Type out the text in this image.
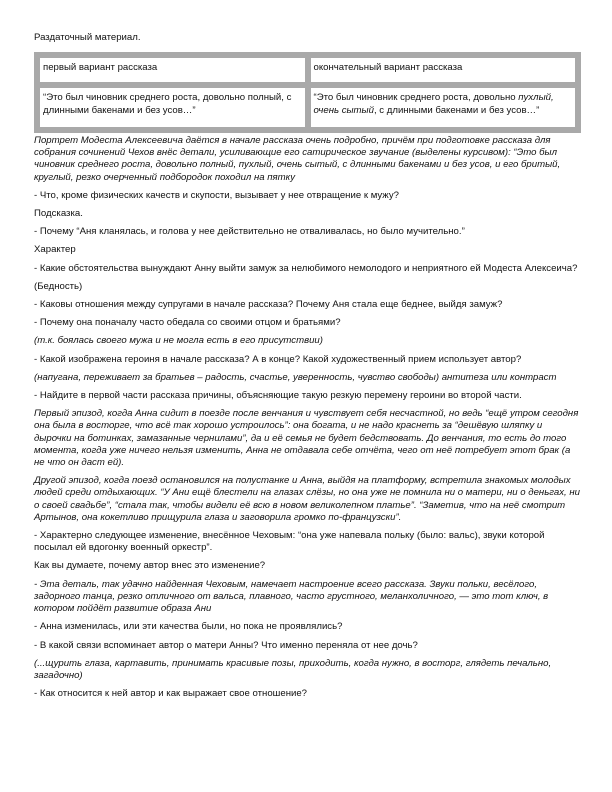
Раздаточный материал.

первый вариант рассказа	окончательный вариант рассказа
“Это был чиновник среднего роста, довольно полный, с длинными бакенами и без усов…”	“Это был чиновник среднего роста, довольно пухлый, очень сытый, с длинными бакенами и без усов…”

Портрет Модеста Алексеевича даётся в начале рассказа очень подробно, причём при подготовке рассказа для собрания сочинений Чехов внёс детали, усиливающие его сатирическое звучание (выделены курсивом): “Это был чиновник среднего роста, довольно полный, пухлый, очень сытый, с длинными бакенами и без усов, и его бритый, круглый, резко очерченный подбородок походил на пятку

- Что, кроме физических качеств и скупости, вызывает у нее отвращение к мужу?

Подсказка.

- Почему “Аня кланялась, и голова у нее действительно не отваливалась, но было мучительно.”

Характер

- Какие обстоятельства вынуждают Анну выйти замуж за нелюбимого немолодого и неприятного ей Модеста Алексеича?

(Бедность)

- Каковы отношения между супругами в начале рассказа? Почему Аня стала еще беднее, выйдя замуж?

- Почему она поначалу часто обедала со своими отцом и братьями?

(т.к. боялась своего мужа и не могла есть в его присутствии)

- Какой изображена героиня в начале рассказа? А в конце? Какой художественный прием использует автор?

(напугана, переживает за братьев – радость, счастье, уверенность, чувство свободы) антитеза или контраст

- Найдите в первой части рассказа причины, объясняющие такую резкую перемену героини во второй части.

Первый эпизод, когда Анна сидит в поезде после венчания и чувствует себя несчастной, но ведь “ещё утром сегодня она была в восторге, что всё так хорошо устроилось”: она богата, и не надо краснеть за “дешёвую шляпку и дырочки на ботинках, замазанные чернилами”, да и её семья не будет бедствовать. До венчания, то есть до того момента, когда уже ничего нельзя изменить, Анна не отдавала себе отчёта, чего от неё потребует этот брак (а не что он даст ей).

Другой эпизод, когда поезд остановился на полустанке и Анна, выйдя на платформу, встретила знакомых молодых людей среди отдыхающих. “У Ани ещё блестели на глазах слёзы, но она уже не помнила ни о матери, ни о деньгах, ни о своей свадьбе”, “стала так, чтобы видели её всю в новом великолепном платье”. “Заметив, что на неё смотрит Артынов, она кокетливо прищурила глаза и заговорила громко по-французски”.

- Характерно следующее изменение, внесённое Чеховым: “она уже напевала польку (было: вальс), звуки которой посылал ей вдогонку военный оркестр”.

Как вы думаете, почему автор внес это изменение?

- Эта деталь, так удачно найденная Чеховым, намечает настроение всего рассказа. Звуки польки, весёлого, задорного танца, резко отличного от вальса, плавного, часто грустного, меланхоличного, — это тот ключ, в котором пойдёт развитие образа Ани

- Анна изменилась, или эти качества были, но пока не проявлялись?

- В какой связи вспоминает автор о матери Анны? Что именно переняла от нее дочь?

(...щурить глаза, картавить, принимать красивые позы, приходить, когда нужно, в восторг, глядеть печально, загадочно)

- Как относится к ней автор и как выражает свое отношение?
